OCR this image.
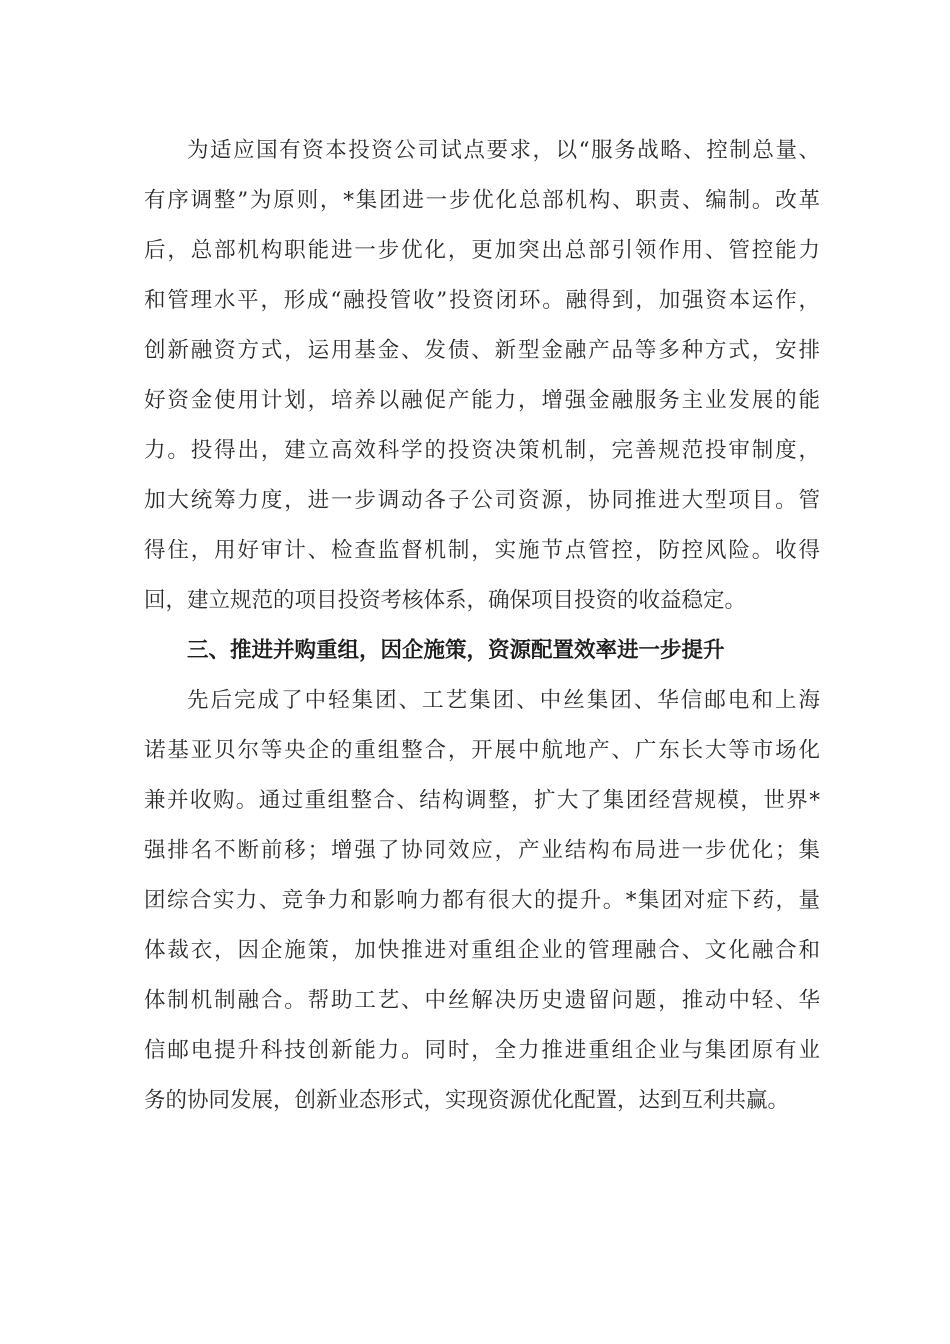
为适应国有资本投资公司试点要求，以“服务战略、控制总量、
有序调整”为原则，*集团进一步优化总部机构、职责、编制。改革
后，总部机构职能进一步优化，更加突出总部引领作用、管控能力
和管理水平，形成“融投管收”投资闭环。融得到，加强资本运作，
创新融资方式，运用基金、发债、新型金融产品等多种方式，安排
好资金使用计划，培养以融促产能力，增强金融服务主业发展的能
力。投得出，建立高效科学的投资决策机制，完善规范投审制度，
加大统筹力度，进一步调动各子公司资源，协同推进大型项目。管
得住，用好审计、检查监督机制，实施节点管控，防控风险。收得
回，建立规范的项目投资考核体系，确保项目投资的收益稳定。
三、推进并购重组，因企施策，资源配置效率进一步提升
先后完成了中轻集团、工艺集团、中丝集团、华信邮电和上海
诺基亚贝尔等央企的重组整合，开展中航地产、广东长大等市场化
兼并收购。通过重组整合、结构调整，扩大了集团经营规模，世界*
强排名不断前移；增强了协同效应，产业结构布局进一步优化；集
团综合实力、竞争力和影响力都有很大的提升。*集团对症下药，量
体裁衣，因企施策，加快推进对重组企业的管理融合、文化融合和
体制机制融合。帮助工艺、中丝解决历史遗留问题，推动中轻、华
信邮电提升科技创新能力。同时，全力推进重组企业与集团原有业
务的协同发展，创新业态形式，实现资源优化配置，达到互利共赢。
